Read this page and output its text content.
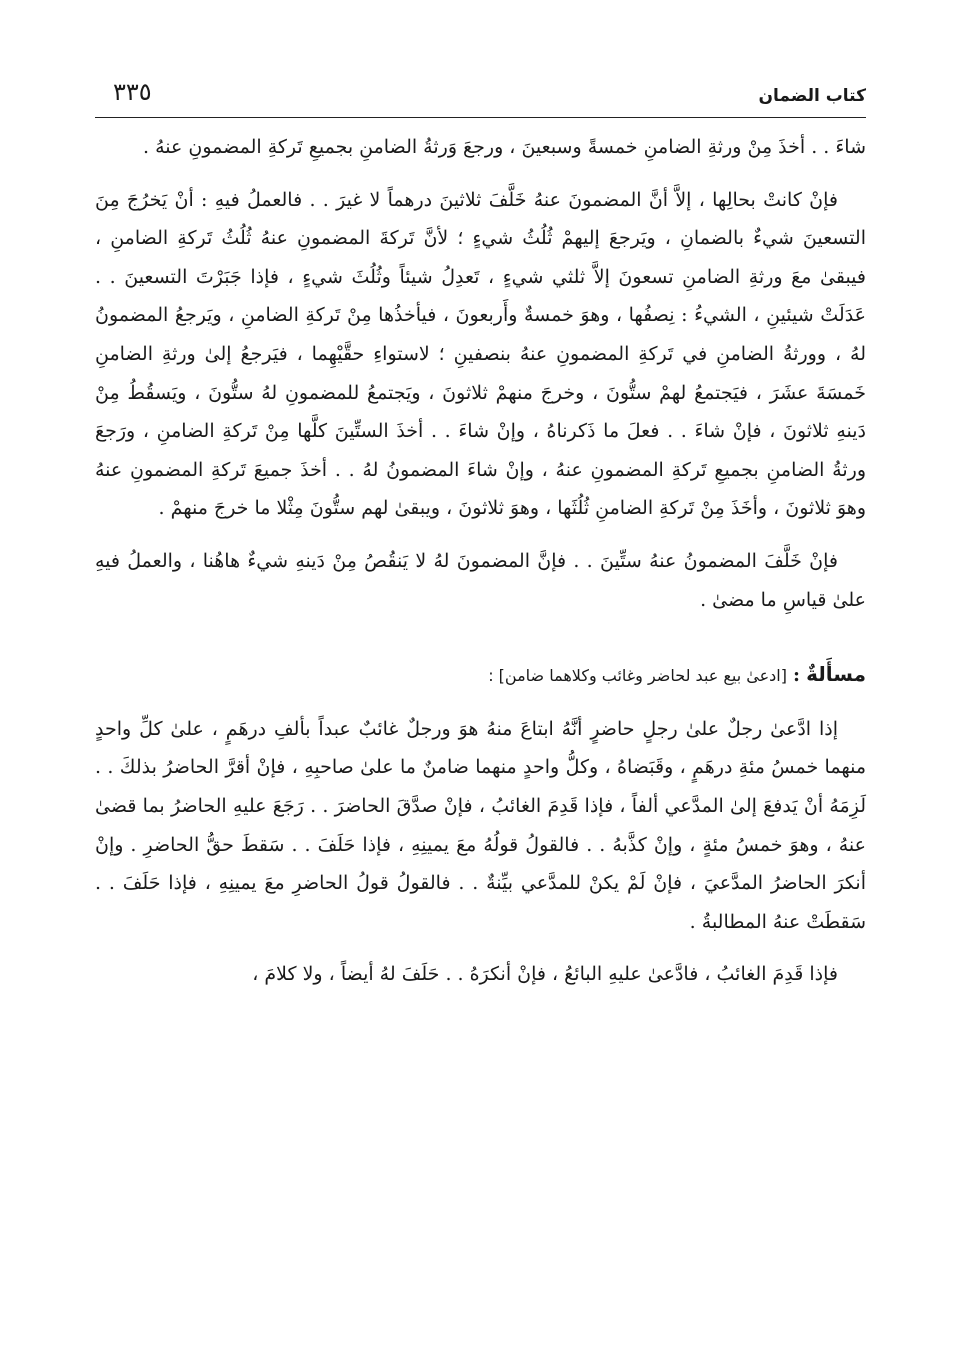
كتاب الضمان
٣٣٥

شاءَ . . أخذَ مِنْ ورثةِ الضامنِ خمسةً وسبعينَ ، ورجعَ وَرثةُ الضامنِ بجميعِ تَركةِ المضمونِ عنهُ .

فإنْ كانتْ بحالِها ، إلاَّ أنَّ المضمونَ عنهُ خَلَّفَ ثلاثينَ درهماً لا غيرَ . . فالعملُ فيهِ : أنْ يَخرُجَ مِنَ التسعينَ شيءٌ بالضمانِ ، ويَرجعَ إليهمْ ثُلُثُ شيءٍ ؛ لأنَّ تَركةَ المضمونِ عنهُ ثُلُثُ تَركةِ الضامنِ ، فيبقىٰ معَ ورثةِ الضامنِ تسعونَ إلاَّ ثلثي شيءٍ ، تَعدِلُ شيئاً وثُلُثَ شيءٍ ، فإذا جَبَرْتَ التسعينَ . . عَدَلَتْ شيئينِ ، الشيءُ : نِصفُها ، وهوَ خمسةٌ وأَربعونَ ، فيأخذُها مِنْ تَركةِ الضامنِ ، ويَرجعُ المضمونُ لهُ ، وورثةُ الضامنِ في تَركةِ المضمونِ عنهُ بنصفينِ ؛ لاستواءِ حقَّيْهِما ، فيَرجعُ إلىٰ ورثةِ الضامنِ خَمسَةَ عشَرَ ، فيَجتمعُ لهمْ ستُّونَ ، وخرجَ منهمْ ثلاثونَ ، ويَجتمعُ للمضمونِ لهُ ستُّونَ ، ويَسقُطُ مِنْ دَينهِ ثلاثونَ ، فإنْ شاءَ . . فعلَ ما ذَكرناهُ ، وإنْ شاءَ . . أخذَ الستِّينَ كلَّها مِنْ تَركةِ الضامنِ ، ورَجعَ ورثةُ الضامنِ بجميعِ تَركةِ المضمونِ عنهُ ، وإنْ شاءَ المضمونُ لهُ . . أخذَ جميعَ تَركةِ المضمونِ عنهُ وهوَ ثلاثونَ ، وأخَذَ مِنْ تَركةِ الضامنِ ثُلُثَها ، وهوَ ثلاثونَ ، ويبقىٰ لهم ستُّونَ مِثْلا ما خرجَ منهمْ .

فإنْ خَلَّفَ المضمونُ عنهُ ستِّينَ . . فإنَّ المضمونَ لهُ لا يَنقُصُ مِنْ دَينهِ شيءٌ هاهُنا ، والعملُ فيهِ علىٰ قياسِ ما مضىٰ .

مسأَلةٌ : [ادعىٰ بيع عبد لحاضر وغائب وكلاهما ضامن] :

إذا ادَّعىٰ رجلٌ علىٰ رجلٍ حاضرٍ أنَّهُ ابتاعَ منهُ هوَ ورجلٌ غائبٌ عبداً بألفِ درهَمٍ ، علىٰ كلِّ واحدٍ منهما خمسُ مئةِ درهَمٍ ، وقَبَضاهُ ، وكلُّ واحدٍ منهما ضامنٌ ما علىٰ صاحبِهِ ، فإنْ أقرَّ الحاضرُ بذلكَ . . لَزِمَهُ أنْ يَدفعَ إلىٰ المدَّعي ألفاً ، فإذا قَدِمَ الغائبُ ، فإنْ صدَّقَ الحاضرَ . . رَجَعَ عليهِ الحاضرُ بما قضىٰ عنهُ ، وهوَ خمسُ مئةٍ ، وإنْ كذَّبهُ . . فالقولُ قولُهُ معَ يمينِهِ ، فإذا حَلَفَ . . سَقطَ حقُّ الحاضرِ . وإنْ أنكرَ الحاضرُ المدَّعيَ ، فإنْ لَمْ يكنْ للمدَّعي بيِّنةٌ . . فالقولُ قولُ الحاضرِ معَ يمينِهِ ، فإذا حَلَفَ . . سَقطَتْ عنهُ المطالبةُ .

فإذا قَدِمَ الغائبُ ، فادَّعىٰ عليهِ البائعُ ، فإنْ أنكرَهُ . . حَلَفَ لهُ أيضاً ، ولا كلامَ ،
